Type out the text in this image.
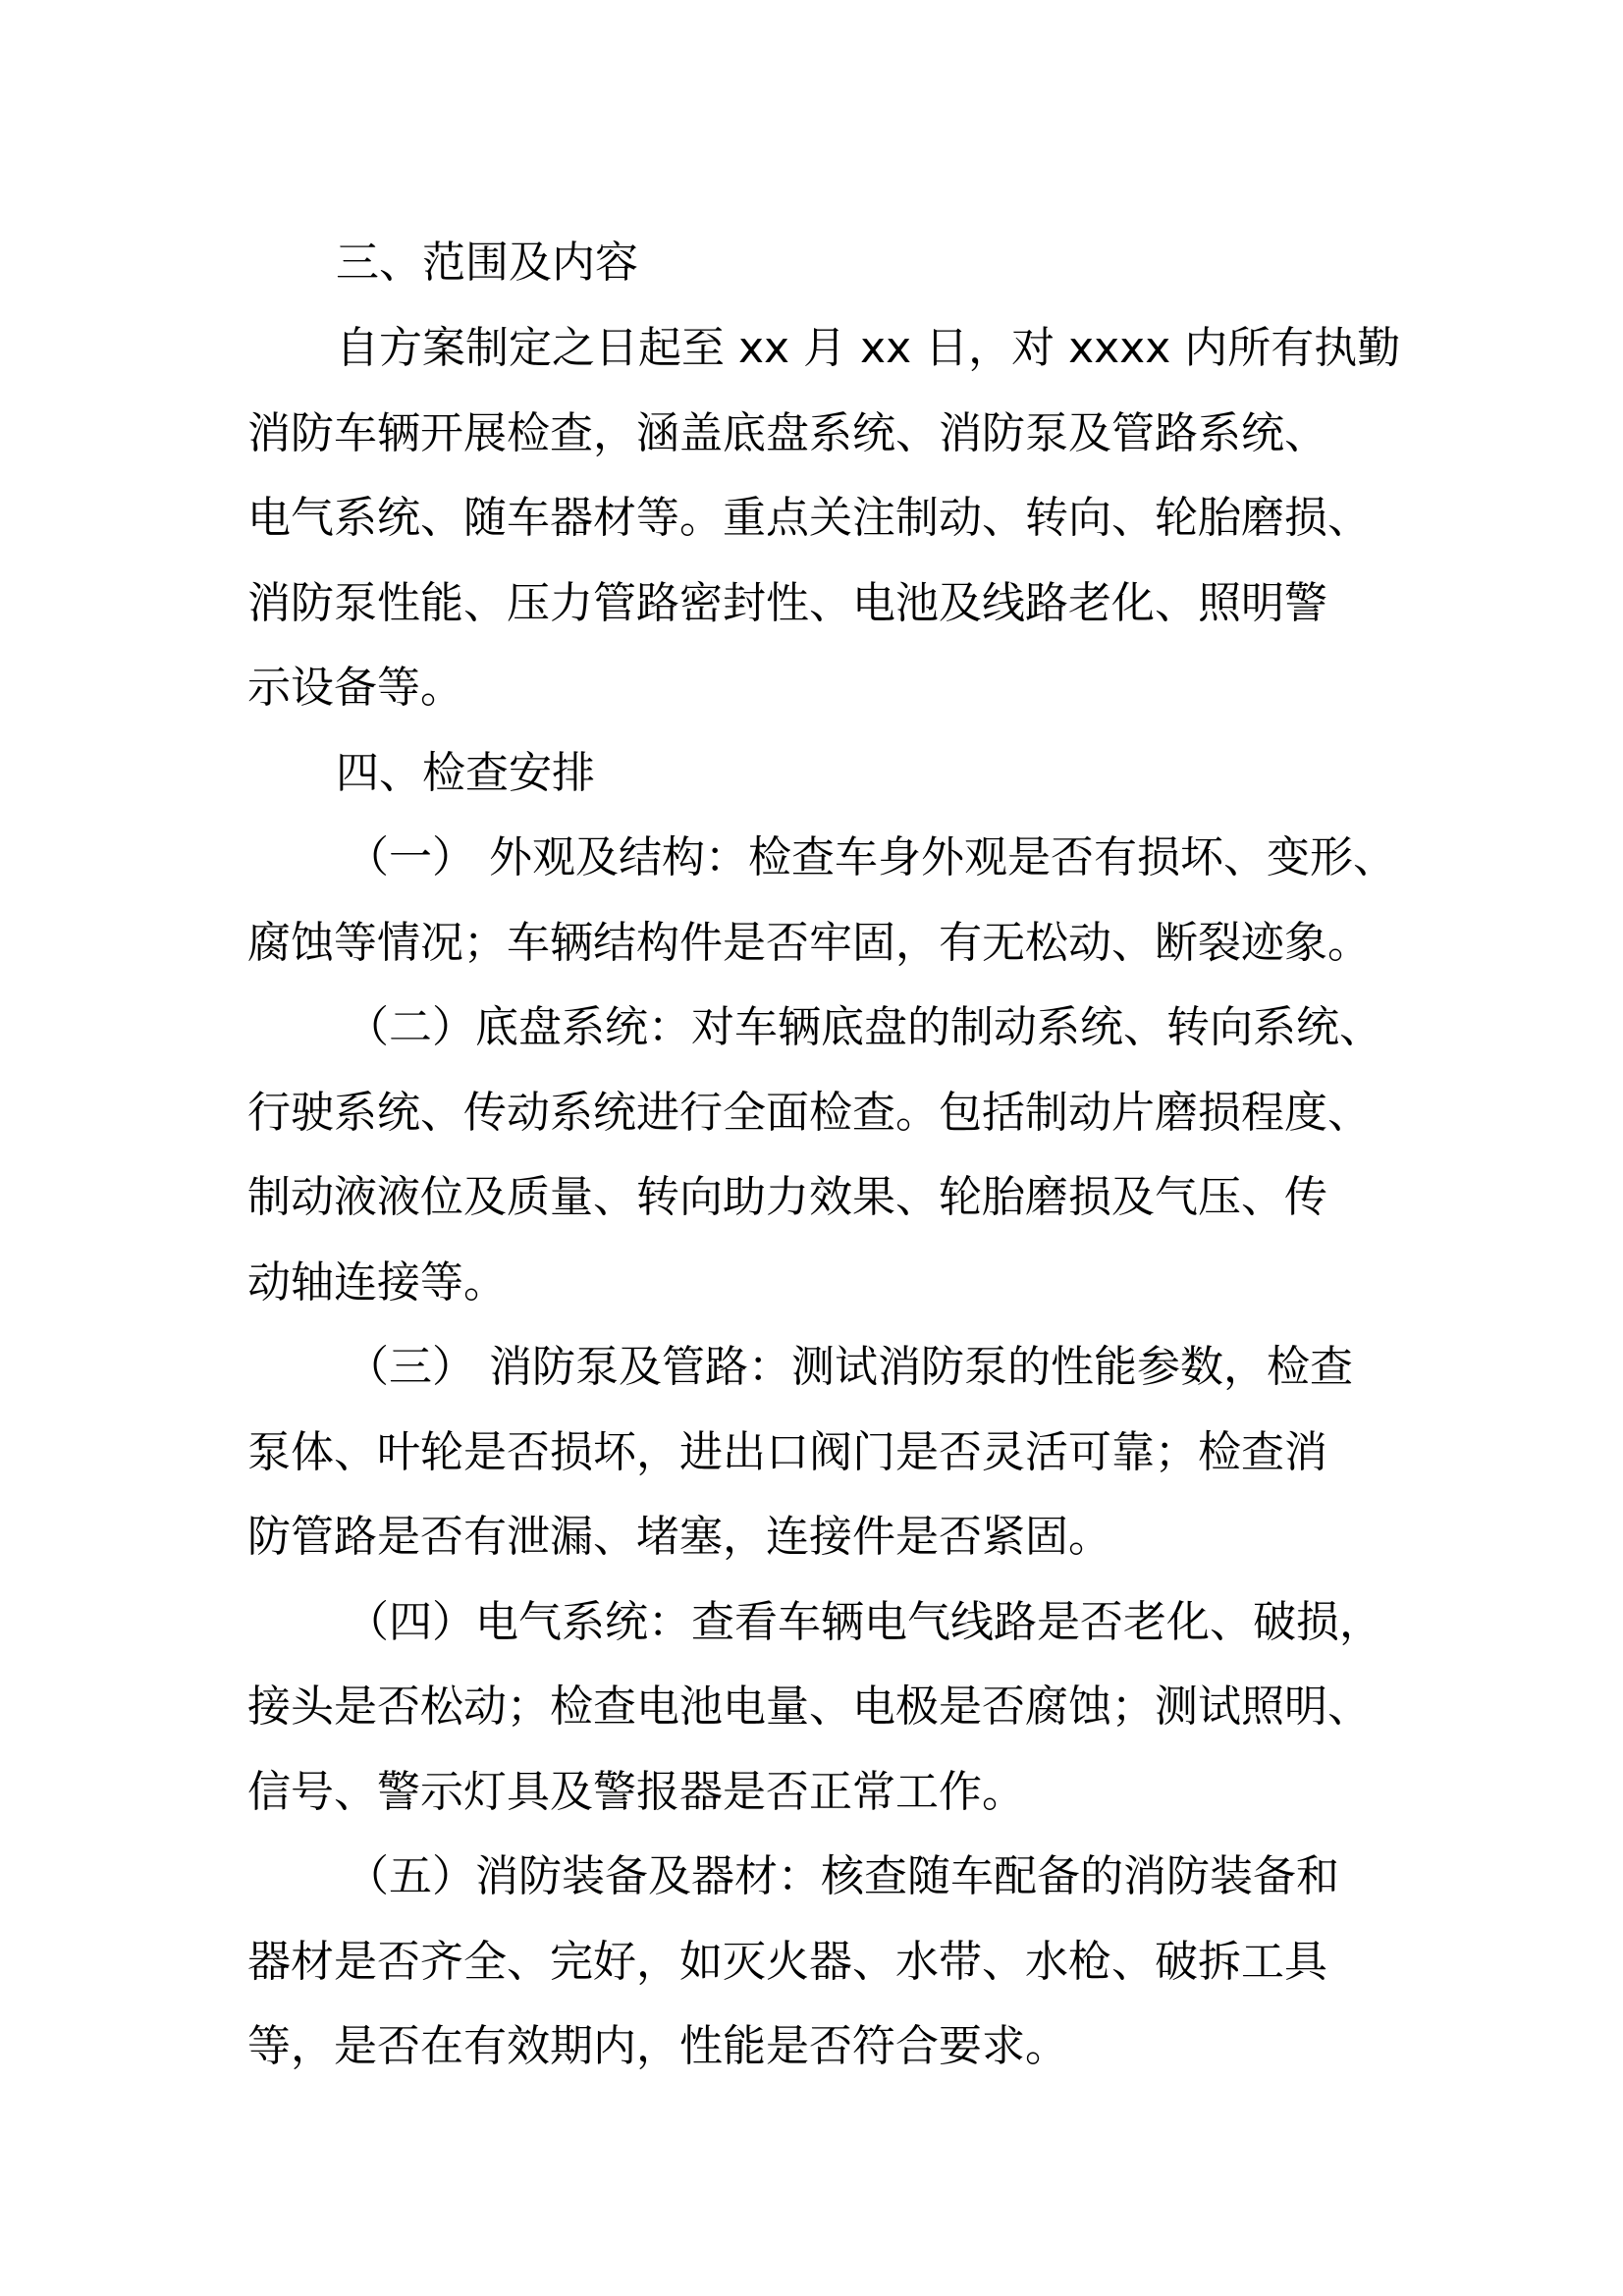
三、范围及内容
自方案制定之日起至 xx 月 xx 日，对 xxxx 内所有执勤
消防车辆开展检查，涵盖底盘系统、消防泵及管路系统、
电气系统、随车器材等。重点关注制动、转向、轮胎磨损、
消防泵性能、压力管路密封性、电池及线路老化、照明警
示设备等。
四、检查安排
（一） 外观及结构：检查车身外观是否有损坏、变形、
腐蚀等情况；车辆结构件是否牢固，有无松动、断裂迹象。
（二）底盘系统：对车辆底盘的制动系统、转向系统、
行驶系统、传动系统进行全面检查。包括制动片磨损程度、
制动液液位及质量、转向助力效果、轮胎磨损及气压、传
动轴连接等。
（三） 消防泵及管路：测试消防泵的性能参数，检查
泵体、叶轮是否损坏，进出口阀门是否灵活可靠；检查消
防管路是否有泄漏、堵塞，连接件是否紧固。
（四）电气系统：查看车辆电气线路是否老化、破损，
接头是否松动；检查电池电量、电极是否腐蚀；测试照明、
信号、警示灯具及警报器是否正常工作。
（五）消防装备及器材：核查随车配备的消防装备和
器材是否齐全、完好，如灭火器、水带、水枪、破拆工具
等，是否在有效期内，性能是否符合要求。
